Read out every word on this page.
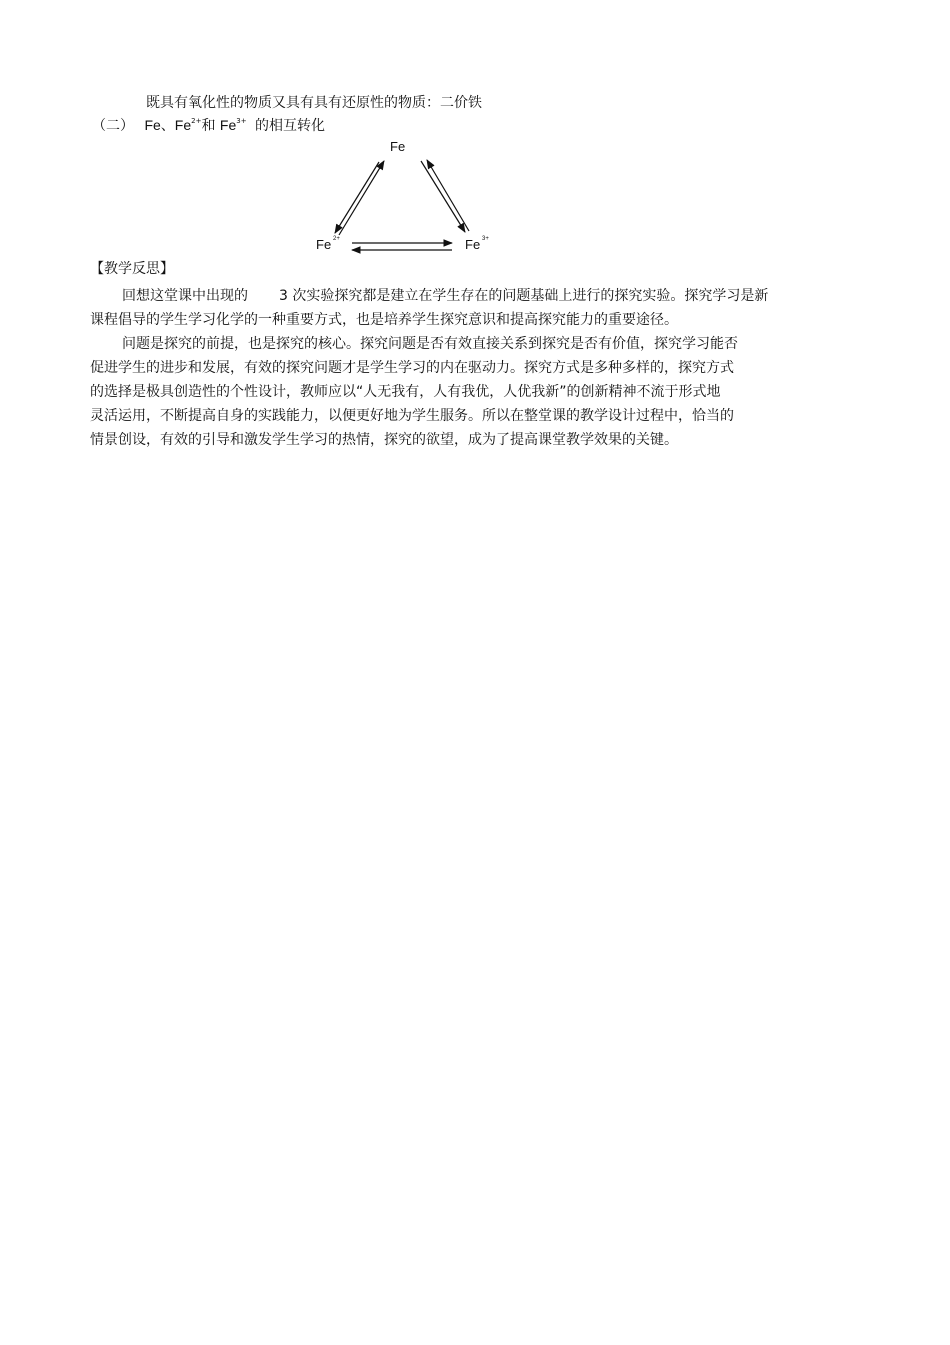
既具有氧化性的物质又具有具有还原性的物质：二价铁
（二） Fe、$Fe^{2+}$和 $Fe^{3+}$ 的相互转化
Fe
Fe 2+	Fe 3+
【教学反思】
回想这堂课中出现的 3 次实验探究都是建立在学生存在的问题基础上进行的探究实验。探究学习是新
课程倡导的学生学习化学的一种重要方式，也是培养学生探究意识和提高探究能力的重要途径。
问题是探究的前提，也是探究的核心。探究问题是否有效直接关系到探究是否有价值，探究学习能否
促进学生的进步和发展，有效的探究问题才是学生学习的内在驱动力。探究方式是多种多样的，探究方式
的选择是极具创造性的个性设计，教师应以“人无我有，人有我优，人优我新”的创新精神不流于形式地
灵活运用，不断提高自身的实践能力，以便更好地为学生服务。所以在整堂课的教学设计过程中，恰当的
情景创设，有效的引导和激发学生学习的热情，探究的欲望，成为了提高课堂教学效果的关键。
